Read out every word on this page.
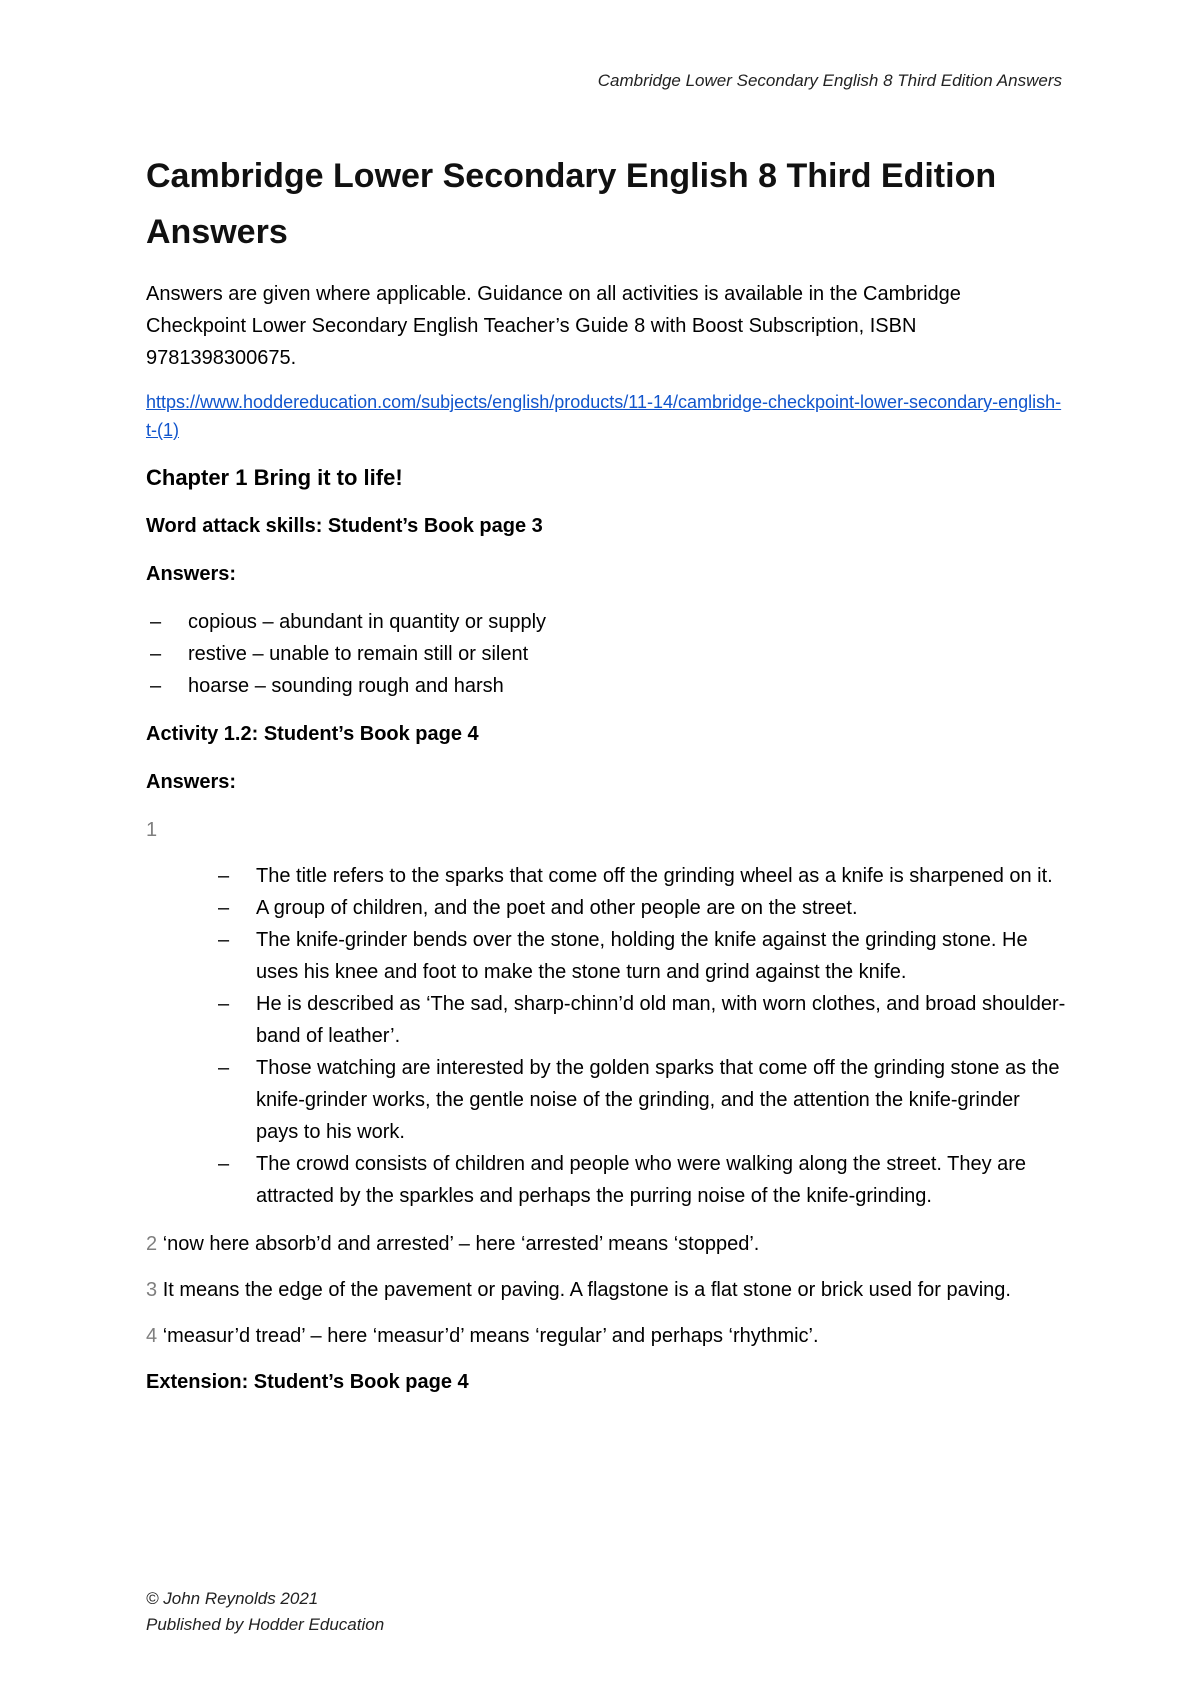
Cambridge Lower Secondary English 8 Third Edition Answers
Cambridge Lower Secondary English 8 Third Edition Answers

Answers are given where applicable. Guidance on all activities is available in the Cambridge Checkpoint Lower Secondary English Teacher’s Guide 8 with Boost Subscription, ISBN 9781398300675.

https://www.hoddereducation.com/subjects/english/products/11-14/cambridge-checkpoint-lower-secondary-english-t-(1)
Chapter 1 Bring it to life!
Word attack skills: Student’s Book page 3
Answers:
– copious – abundant in quantity or supply
– restive – unable to remain still or silent
– hoarse – sounding rough and harsh
Activity 1.2: Student’s Book page 4
Answers:
1
– The title refers to the sparks that come off the grinding wheel as a knife is sharpened on it.
– A group of children, and the poet and other people are on the street.
– The knife-grinder bends over the stone, holding the knife against the grinding stone. He uses his knee and foot to make the stone turn and grind against the knife.
– He is described as ‘The sad, sharp-chinn’d old man, with worn clothes, and broad shoulder-band of leather’.
– Those watching are interested by the golden sparks that come off the grinding stone as the knife-grinder works, the gentle noise of the grinding, and the attention the knife-grinder pays to his work.
– The crowd consists of children and people who were walking along the street. They are attracted by the sparkles and perhaps the purring noise of the knife-grinding.

2 ‘now here absorb’d and arrested’ – here ‘arrested’ means ‘stopped’.

3 It means the edge of the pavement or paving. A flagstone is a flat stone or brick used for paving.

4 ‘measur’d tread’ – here ‘measur’d’ means ‘regular’ and perhaps ‘rhythmic’.

Extension: Student’s Book page 4
© John Reynolds 2021
Published by Hodder Education
